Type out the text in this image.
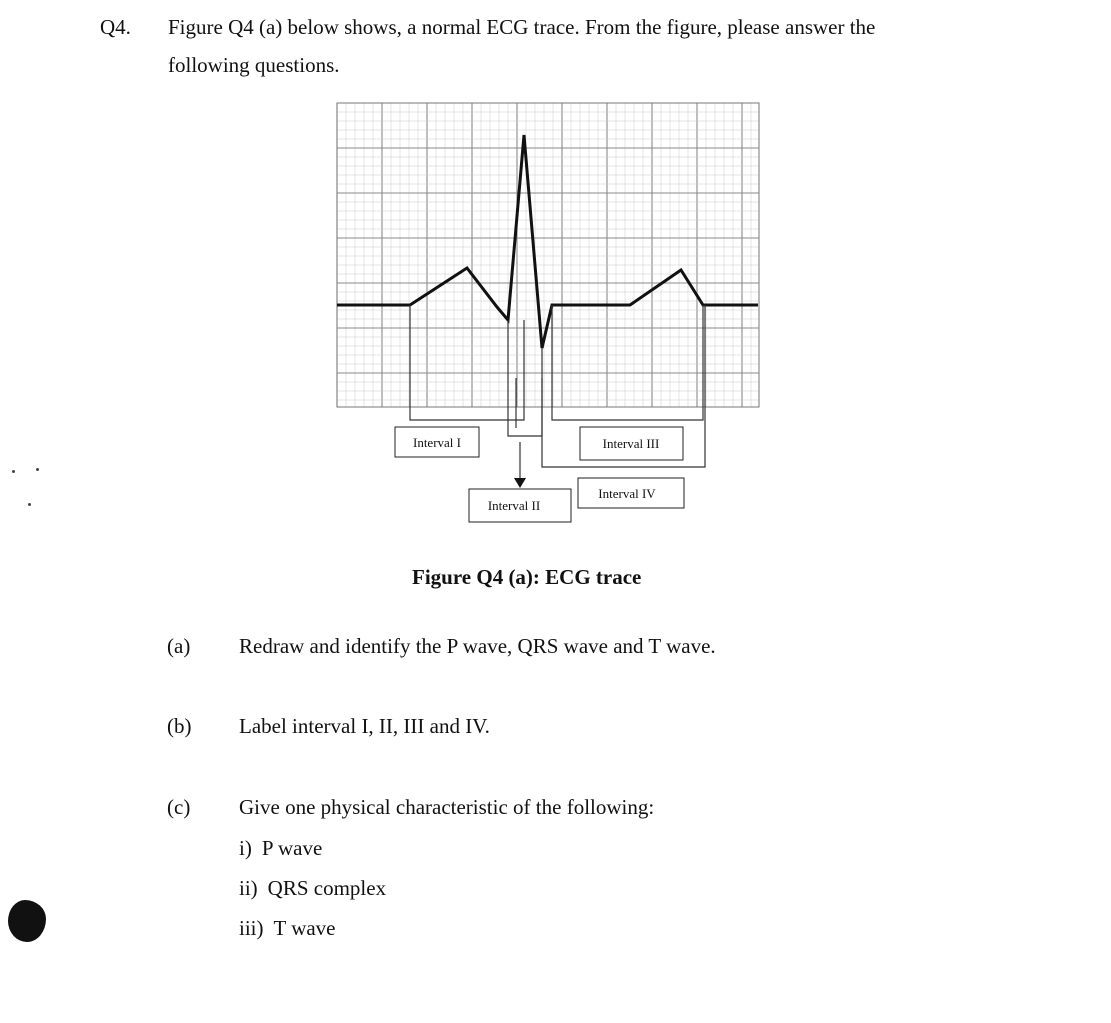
Q4. Figure Q4 (a) below shows, a normal ECG trace. From the figure, please answer the
following questions.
Interval I	Interval III
Interval IV
Interval II
Figure Q4 (a): ECG trace
(a) Redraw and identify the P wave, QRS wave and T wave.
(b) Label interval I, II, III and IV.
(c) Give one physical characteristic of the following:
i) P wave
ii) QRS complex
iii) T wave
